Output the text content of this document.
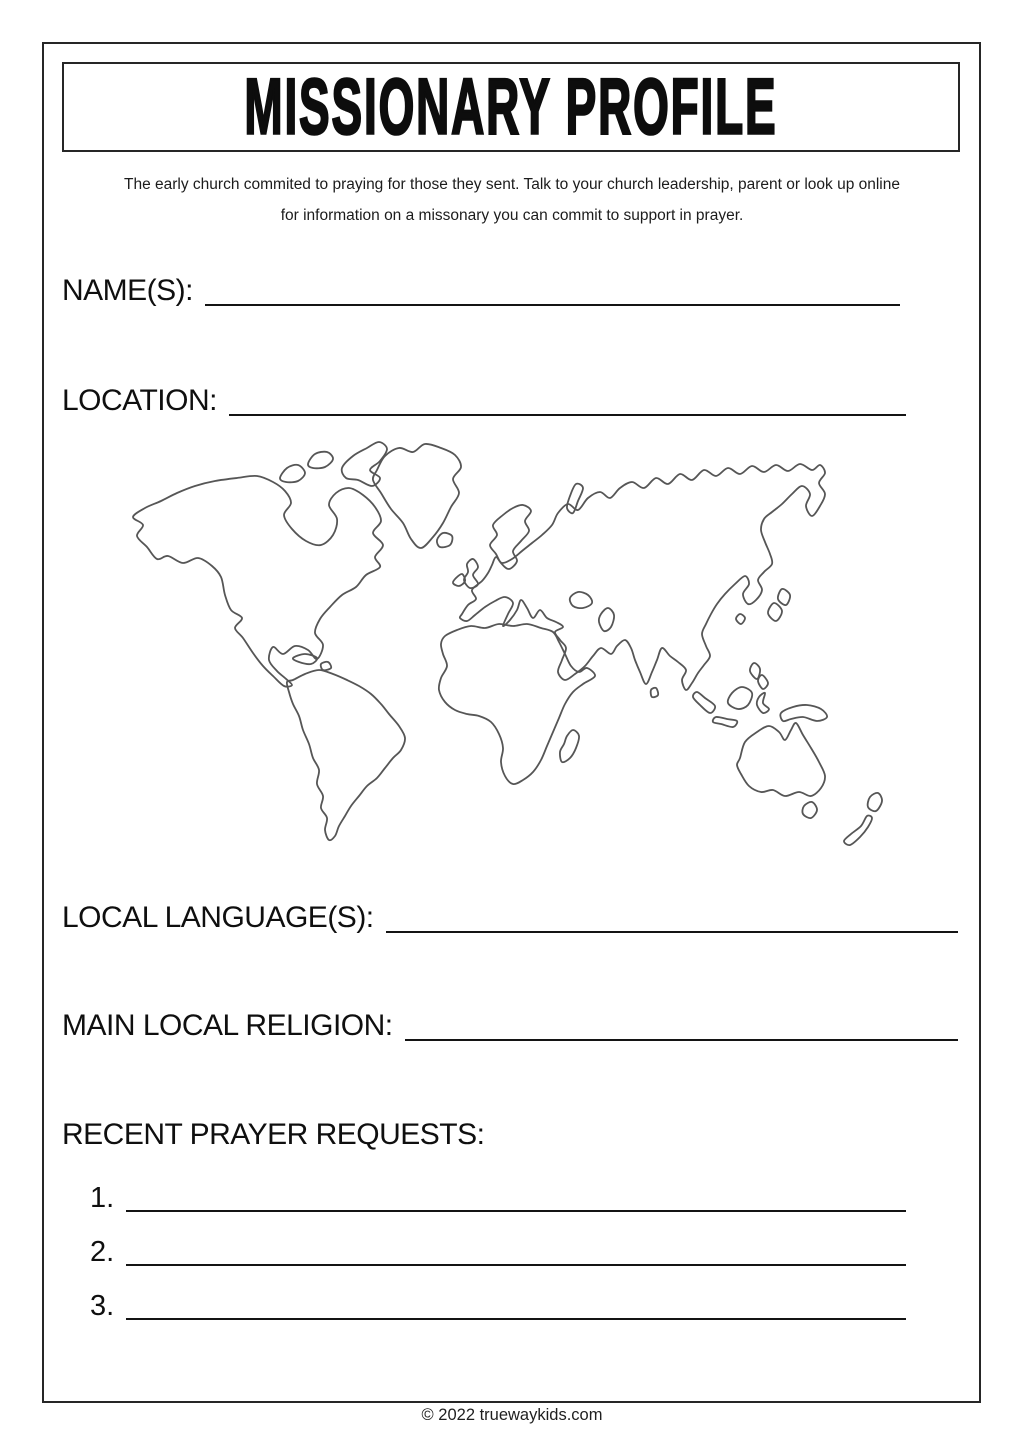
MISSIONARY PROFILE
The early church commited to praying for those they sent. Talk to your church leadership, parent or look up online
for information on a missonary you can commit to support in prayer.
NAME(S):
LOCATION:
LOCAL LANGUAGE(S):
MAIN LOCAL RELIGION:
RECENT PRAYER REQUESTS:
1.
2.
3.
© 2022 truewaykids.com
